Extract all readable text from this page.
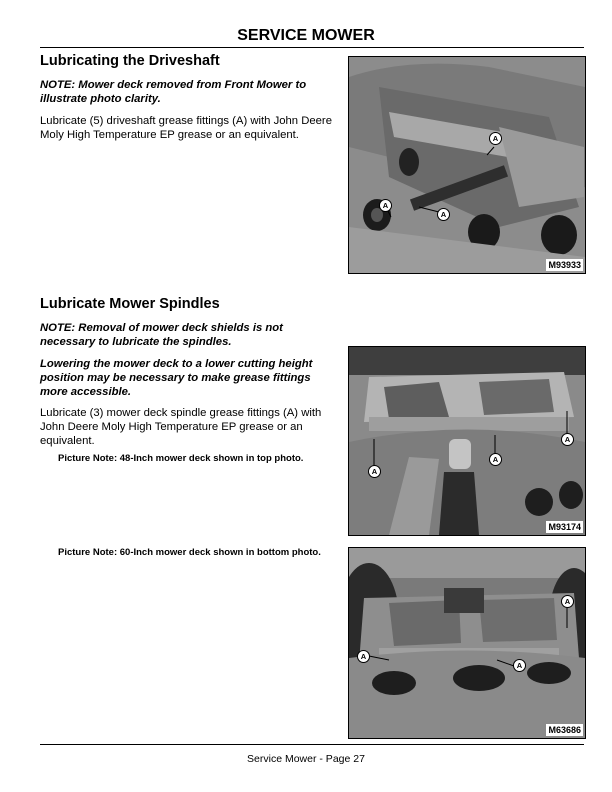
SERVICE MOWER
Lubricating the Driveshaft
NOTE: Mower deck removed from Front Mower to illustrate photo clarity.
Lubricate (5) driveshaft grease fittings (A) with John Deere Moly High Temperature EP grease or an equivalent.	A
A
A
M93933
Lubricate Mower Spindles
NOTE: Removal of mower deck shields is not necessary to lubricate the spindles.
Lowering the mower deck to a lower cutting height position may be necessary to make grease fittings more accessible.
Lubricate (3) mower deck spindle grease fittings (A) with John Deere Moly High Temperature EP grease or an equivalent.
Picture Note: 48-Inch mower deck shown in top photo.
Picture Note: 60-Inch mower deck shown in bottom photo.
A
A
A
M93174
A
A
A
M63686
Service Mower - Page 27
